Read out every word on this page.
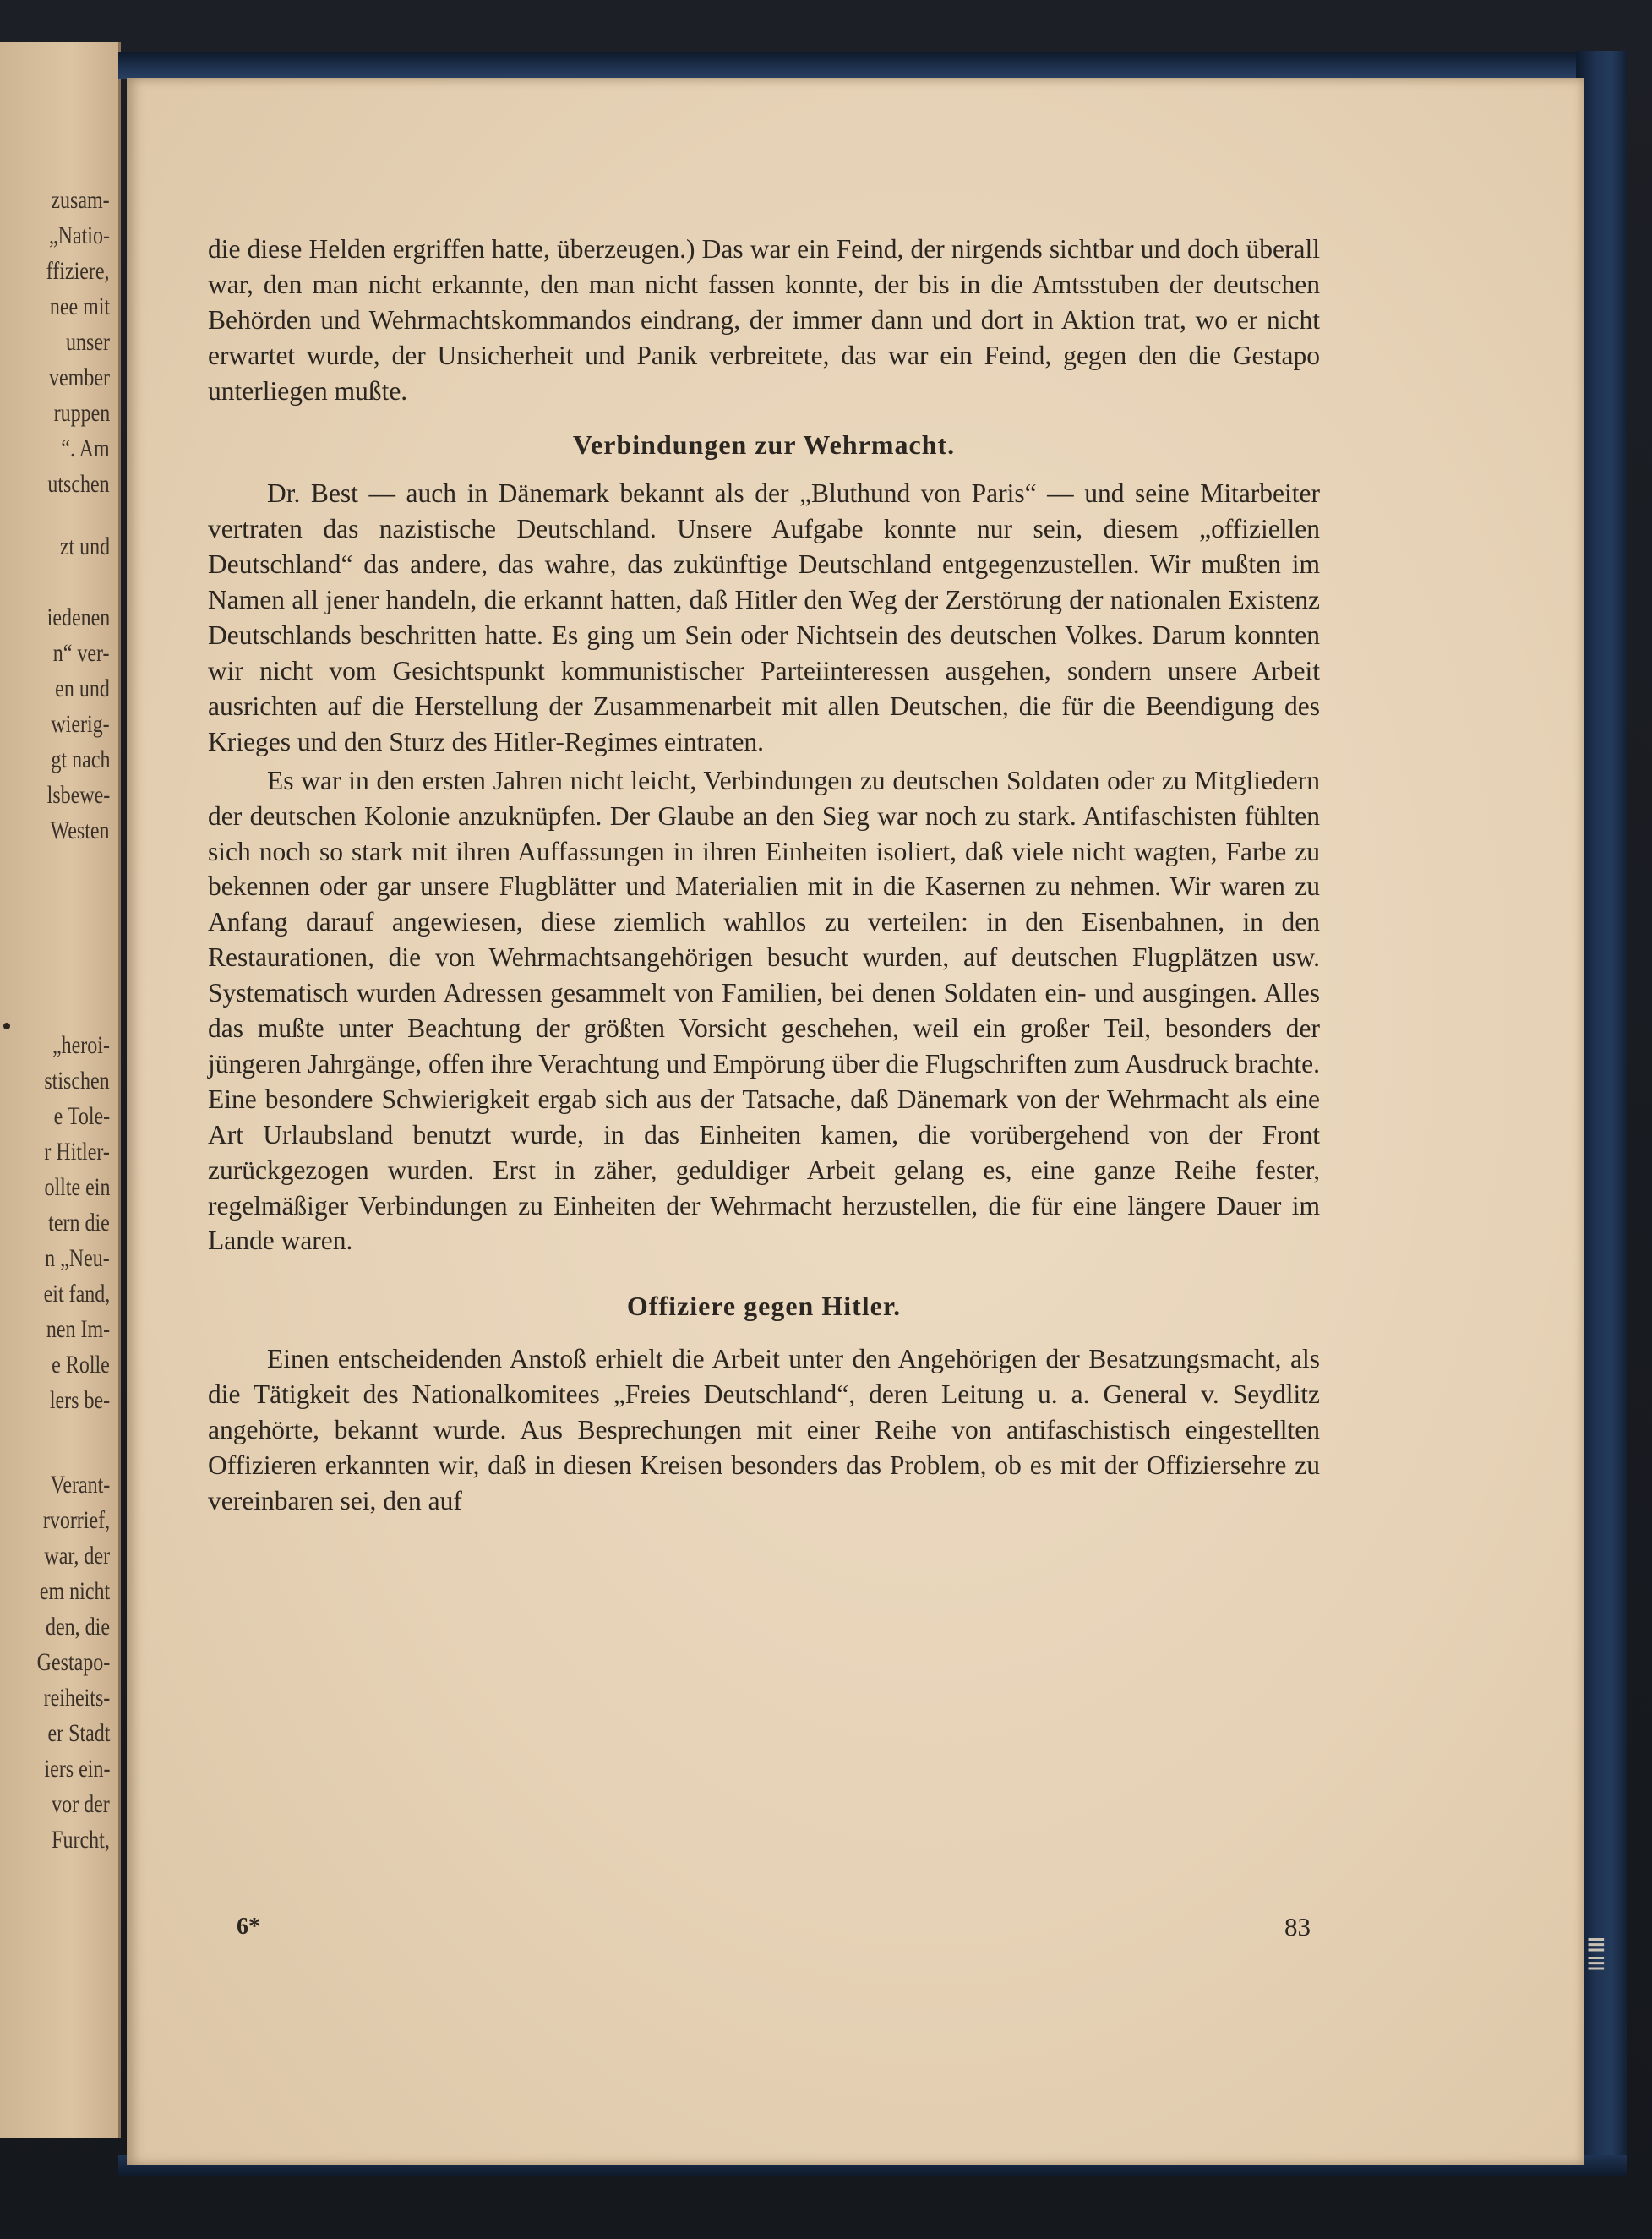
zusam-
„Natio-
ffiziere,
nee mit
unser
vember
ruppen
“. Am
utschen
zt und
iedenen
n“ ver-
en und
wierig-
gt nach
lsbewe-
Westen
„heroi-
stischen
e Tole-
r Hitler-
ollte ein
tern die
n „Neu-
eit fand,
nen Im-
e Rolle
lers be-
Verant-
rvorrief,
war, der
em nicht
den, die
Gestapo-
reiheits-
er Stadt
iers ein-
vor der
Furcht,
≡
≡

die diese Helden ergriffen hatte, überzeugen.) Das war ein Feind, der nirgends sichtbar und doch überall war, den man nicht erkannte, den man nicht fassen konnte, der bis in die Amtsstuben der deutschen Behörden und Wehrmachtskommandos eindrang, der immer dann und dort in Aktion trat, wo er nicht erwartet wurde, der Unsicherheit und Panik verbreitete, das war ein Feind, gegen den die Gestapo unterliegen mußte.

Verbindungen zur Wehrmacht.

Dr. Best — auch in Dänemark bekannt als der „Bluthund von Paris“ — und seine Mitarbeiter vertraten das nazistische Deutschland. Unsere Aufgabe konnte nur sein, diesem „offiziellen Deutschland“ das andere, das wahre, das zukünftige Deutschland entgegenzustellen. Wir mußten im Namen all jener handeln, die erkannt hatten, daß Hitler den Weg der Zerstörung der nationalen Existenz Deutschlands beschritten hatte. Es ging um Sein oder Nichtsein des deutschen Volkes. Darum konnten wir nicht vom Gesichtspunkt kommunistischer Parteiinteressen ausgehen, sondern unsere Arbeit ausrichten auf die Herstellung der Zusammenarbeit mit allen Deutschen, die für die Beendigung des Krieges und den Sturz des Hitler-Regimes eintraten.

Es war in den ersten Jahren nicht leicht, Verbindungen zu deutschen Soldaten oder zu Mitgliedern der deutschen Kolonie anzuknüpfen. Der Glaube an den Sieg war noch zu stark. Antifaschisten fühlten sich noch so stark mit ihren Auffassungen in ihren Einheiten isoliert, daß viele nicht wagten, Farbe zu bekennen oder gar unsere Flugblätter und Materialien mit in die Kasernen zu nehmen. Wir waren zu Anfang darauf angewiesen, diese ziemlich wahllos zu verteilen: in den Eisenbahnen, in den Restaurationen, die von Wehrmachtsangehörigen besucht wurden, auf deutschen Flugplätzen usw. Systematisch wurden Adressen gesammelt von Familien, bei denen Soldaten ein- und ausgingen. Alles das mußte unter Beachtung der größten Vorsicht geschehen, weil ein großer Teil, besonders der jüngeren Jahrgänge, offen ihre Verachtung und Empörung über die Flugschriften zum Ausdruck brachte. Eine besondere Schwierigkeit ergab sich aus der Tatsache, daß Dänemark von der Wehrmacht als eine Art Urlaubsland benutzt wurde, in das Einheiten kamen, die vorübergehend von der Front zurückgezogen wurden. Erst in zäher, geduldiger Arbeit gelang es, eine ganze Reihe fester, regelmäßiger Verbindungen zu Einheiten der Wehrmacht herzustellen, die für eine längere Dauer im Lande waren.

Offiziere gegen Hitler.

Einen entscheidenden Anstoß erhielt die Arbeit unter den Angehörigen der Besatzungsmacht, als die Tätigkeit des Nationalkomitees „Freies Deutschland“, deren Leitung u. a. General v. Seydlitz angehörte, bekannt wurde. Aus Besprechungen mit einer Reihe von antifaschistisch eingestellten Offizieren erkannten wir, daß in diesen Kreisen besonders das Problem, ob es mit der Offiziersehre zu vereinbaren sei, den auf

6*	83
